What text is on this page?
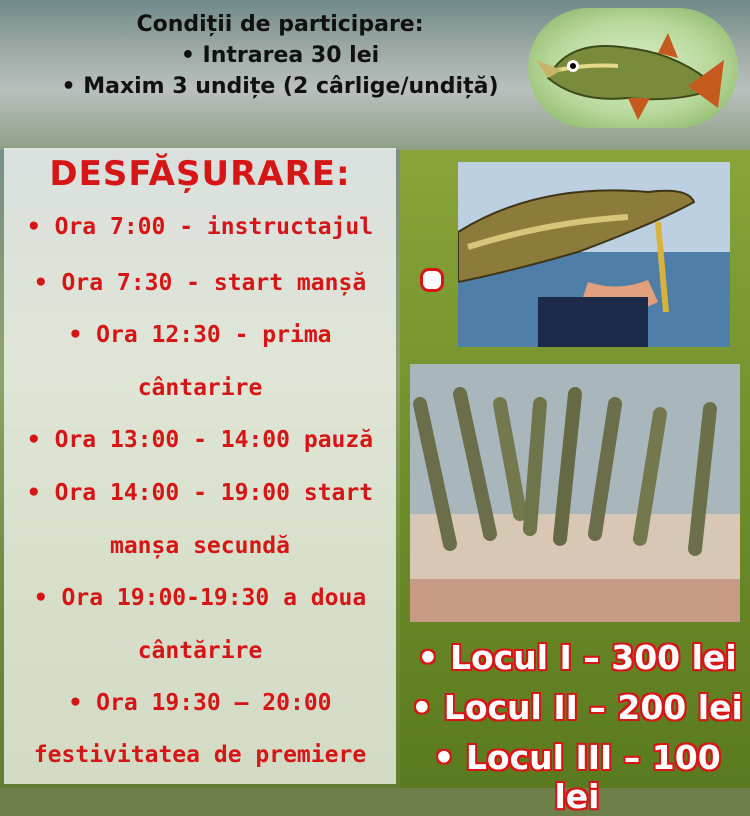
Condiții de participare:
• Intrarea 30 lei
• Maxim 3 undițe (2 cârlige/undiță)
DESFĂȘURARE:
• Ora 7:00 - instructajul
• Ora 7:30 - start manșă
• Ora 12:30 - prima
cântarire
• Ora 13:00 - 14:00 pauză
• Ora 14:00 - 19:00 start
manșa secundă
• Ora 19:00-19:30 a doua
cântărire
• Ora 19:30 – 20:00
festivitatea de premiere
• Locul I – 300 lei
• Locul II – 200 lei
• Locul III – 100 lei
